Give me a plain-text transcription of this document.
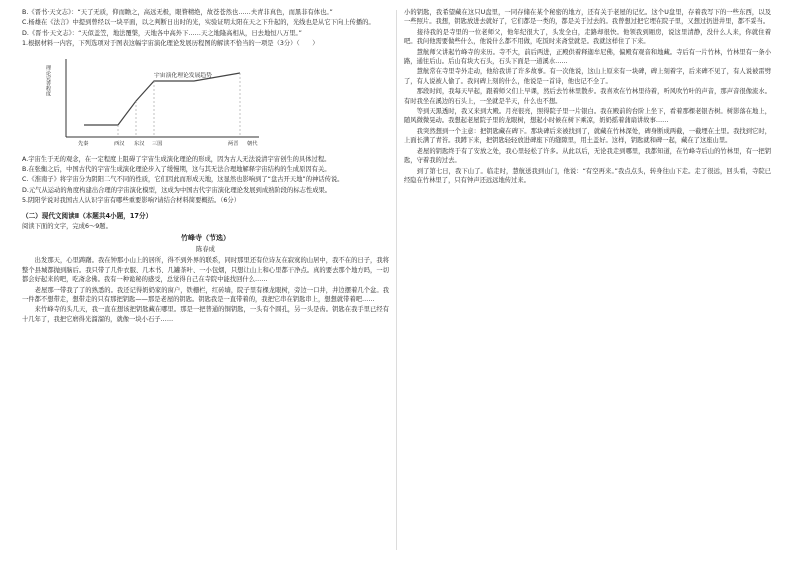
B.《晋书·天文志》：“天了无质，仰而瞻之，高远无极，眼瞀精绝，故苍苍然也……夫青非真色，而黑非有体也。”

C.杨雄在《法言》中提到曾经以一块平面，以之判断日出时的光，实验证明太阳在天之下升起的，光线也是从它下向上传播的。

D.《晋书·天文志》：“天似盖笠，地法覆槃，天地各中高外下……天之地隆高相从，日去地恒八万里。”

1.根据材料一内容，下列选项对于图表这幅宇宙演化理论发展历程图的解读不恰当的一项是（3分）（　　）

宇宙演化理论发展趋势
理论完善程度
先秦	西汉 东汉 三国	两晋 朝代

A.宇宙生于无的观念，在一定程度上阻碍了宇宙生成演化理论的形成，因为古人无法说清宇宙创生的具体过程。

B.在张衡之后，中国古代的宇宙生成演化理论步入了缓慢期，这与其无法合理地解释宇宙结构的生成原因有关。

C.《淮南子》将宇宙分为阴阳二气不同的性质，它们因此而形成天地，这显然也影响到了“盘古开天地”的神话传说。

D.元气从运动的角度构建出合理的宇宙演化模型，这成为中国古代宇宙演化理论发展到成熟阶段的标志性成果。

5.阴阳学说对我国古人认识宇宙有哪些重要影响?请结合材料简要概括。（6分）

（二）现代文阅读Ⅱ（本题共4小题，17分）

阅读下面的文字，完成6～9题。

竹峰寺（节选）

陈春成

　　出发那天，心里踌躇。我在钟那小山上的居所，得不到外界的联系，同时那里还有位诗友在寂寞的山居中，我不在的日子，我将整个县城都抛到脑后。我只带了几件衣服、几本书、几罐茶叶、一小包烟，只想让山上和心里都干净点。真的要去那个地方吗，一切都会好起来的吧，吃斋念佛。我有一种诡秘的感受，总觉得自己在寺院中能找回什么……

　　老屋那一带我了了的熟悉的。我还记得奶奶家的窗户，铁栅栏，红砖墙，院子里有棵龙眼树，旁边一口井，井边摆着几个盆。我一件都不想带走，想带走的只有那把钥匙——那是老屋的钥匙。钥匙我是一直带着的，我把它串在钥匙串上，想想就带着吧……

　　来竹峰寺的头几天，我一直在想该把钥匙藏在哪里。那是一把普通的铜钥匙，一头有个圆孔，另一头是齿。钥匙在我手里已经有十几年了，我把它磨得光溜溜的，就像一块小石子……

小的钥匙，我希望藏在这只U盘里，一同存储在某个秘密的地方，还有关于老屋的记忆。这个U盘里，存着我写下的一些东西，以及一些照片。我想，钥匙放进去就好了，它们都是一类的，都是关于过去的。我曾想过把它埋在院子里，又想过扔进井里，都不妥当。

　　接待我的是寺里的一位老师父，他年纪很大了，头发全白，走路却很快。他领我到厢房，说这里清静，没什么人来，你就住着吧。我问他需要做些什么，他说什么都不用做，吃饭时来斋堂就是。我就这样住了下来。

　　慧航师父讲起竹峰寺的来历。寺不大，前后两进，正殿供着释迦牟尼佛，偏殿有观音和地藏。寺后有一片竹林，竹林里有一条小路，通往后山。后山有块大石头，石头下面是一道溪水……

　　慧航常在寺里寺外走动，他给我讲了许多故事。有一次他说，这山上原来有一块碑，碑上刻着字，后来碑不见了，有人说被雷劈了，有人说被人偷了。我问碑上刻的什么，他说是一首诗，他也记不全了。

　　那段时间，我每天早起，跟着师父们上早课，然后去竹林里散步。我喜欢在竹林里待着，听风吹竹叶的声音，那声音很像流水。有时我坐在溪边的石头上，一坐就是半天，什么也不想。

　　等到天黑透时，我又来到大殿。月亮很亮，照得院子里一片银白。我在殿前的台阶上坐下，看着那棵老银杏树。树影落在地上，随风微微晃动。我想起老屋院子里的龙眼树，想起小时候在树下乘凉，奶奶摇着蒲扇讲故事……

　　我突然想到一个主意：把钥匙藏在碑下。那块碑后来被找到了，就藏在竹林深处，碑身断成两截，一截埋在土里。我找到它时，上面长满了青苔。我蹲下来，把钥匙轻轻放进碑座下的缝隙里，用土盖好。这样，钥匙就和碑一起，藏在了这座山里。

　　老屋的钥匙终于有了安放之处，我心里轻松了许多。从此以后，无论我走到哪里，我都知道，在竹峰寺后山的竹林里，有一把钥匙，守着我的过去。

　　到了第七日，我下山了。临走时，慧航送我到山门，他说：“有空再来。”我点点头，转身往山下走。走了很远，回头看，寺院已经隐在竹林里了，只有钟声还远远地传过来。
